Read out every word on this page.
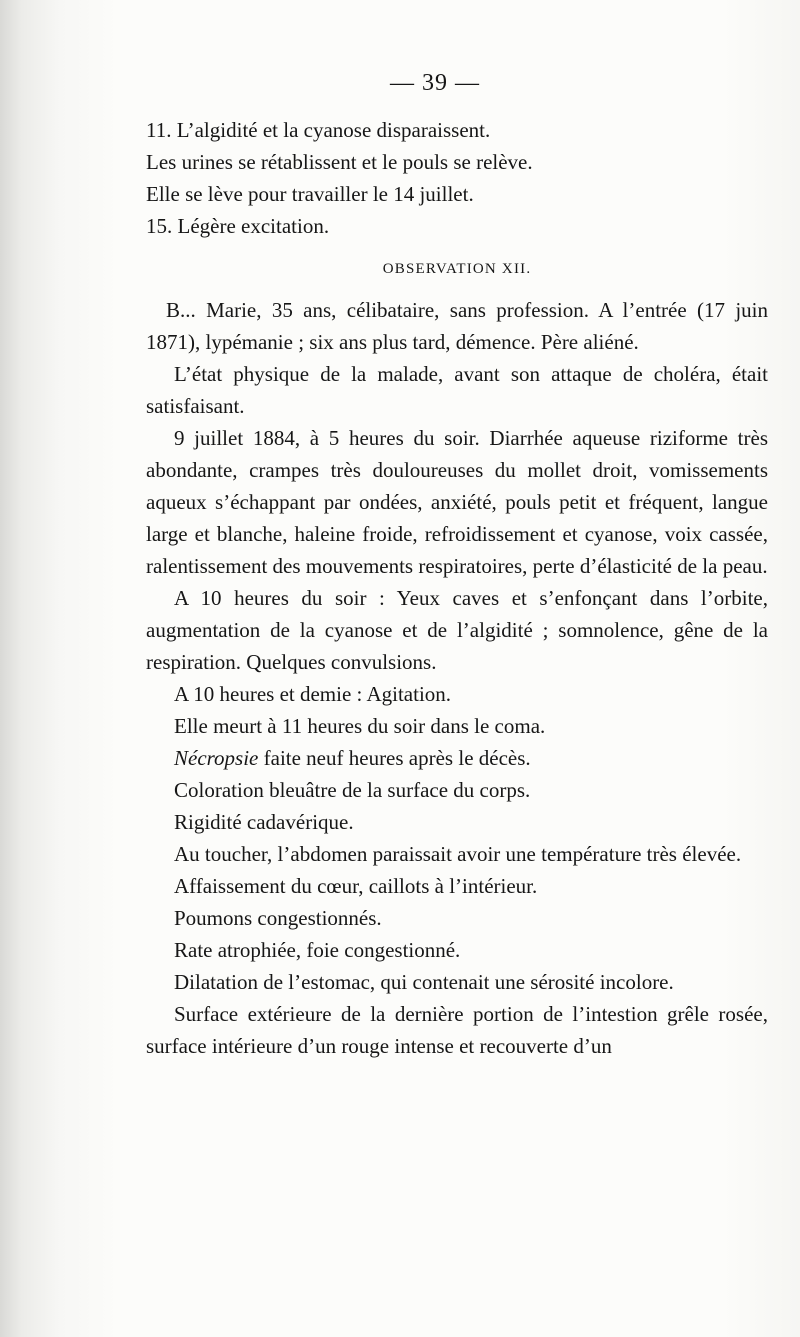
— 39 —

11. L’algidité et la cyanose disparaissent.

Les urines se rétablissent et le pouls se relève.

Elle se lève pour travailler le 14 juillet.

15. Légère excitation.

OBSERVATION XII.

B... Marie, 35 ans, célibataire, sans profession. A l’entrée (17 juin 1871), lypémanie ; six ans plus tard, démence. Père aliéné.

L’état physique de la malade, avant son attaque de choléra, était satisfaisant.

9 juillet 1884, à 5 heures du soir. Diarrhée aqueuse riziforme très abondante, crampes très douloureuses du mollet droit, vomissements aqueux s’échappant par ondées, anxiété, pouls petit et fréquent, langue large et blanche, haleine froide, refroidissement et cyanose, voix cassée, ralentissement des mouvements respiratoires, perte d’élasticité de la peau.

A 10 heures du soir : Yeux caves et s’enfonçant dans l’orbite, augmentation de la cyanose et de l’algidité ; somnolence, gêne de la respiration. Quelques convulsions.

A 10 heures et demie : Agitation.

Elle meurt à 11 heures du soir dans le coma.

Nécropsie faite neuf heures après le décès.

Coloration bleuâtre de la surface du corps.

Rigidité cadavérique.

Au toucher, l’abdomen paraissait avoir une température très élevée.

Affaissement du cœur, caillots à l’intérieur.

Poumons congestionnés.

Rate atrophiée, foie congestionné.

Dilatation de l’estomac, qui contenait une sérosité incolore.

Surface extérieure de la dernière portion de l’intestion grêle rosée, surface intérieure d’un rouge intense et recouverte d’un
